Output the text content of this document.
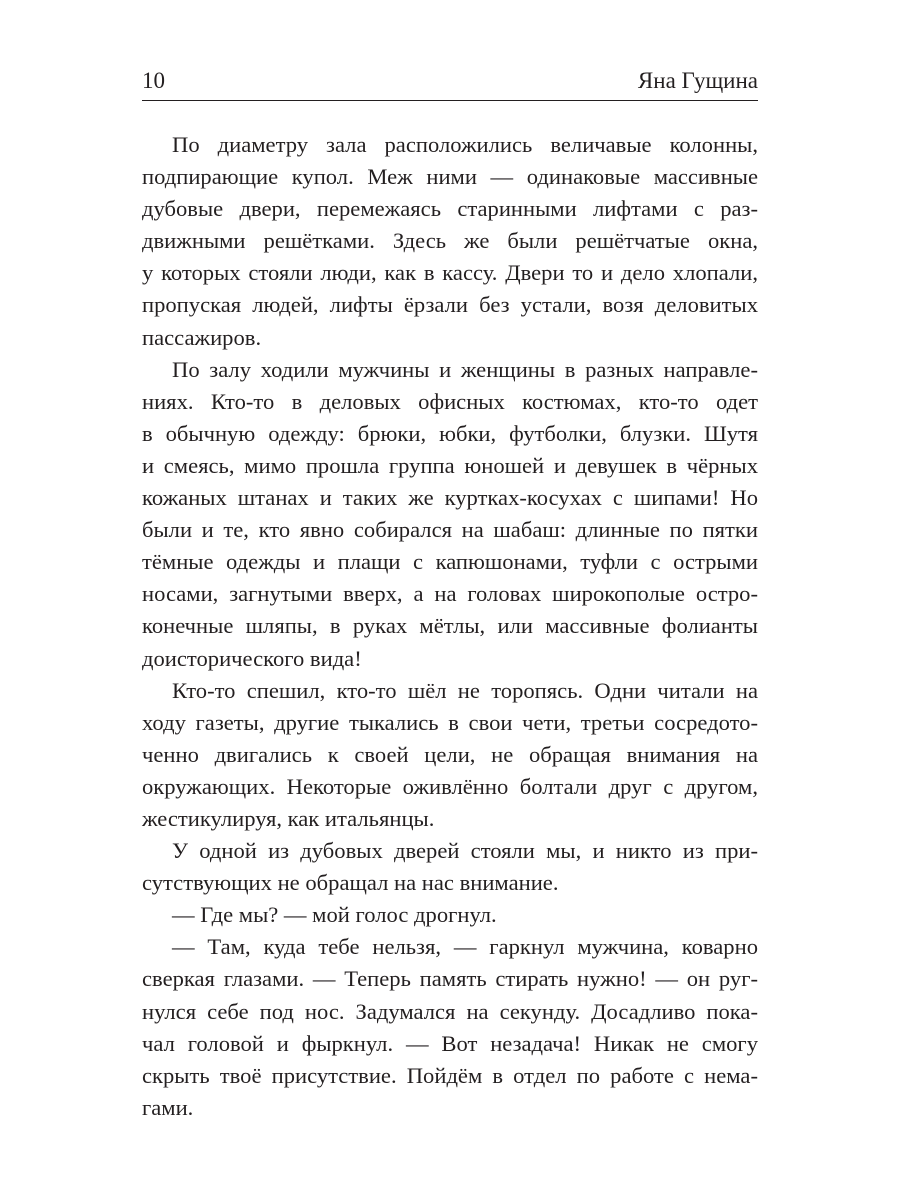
10	Яна Гущина
По диаметру зала расположились величавые колонны,
подпирающие купол. Меж ними — одинаковые массивные
дубовые двери, перемежаясь старинными лифтами с раз-
движными решётками. Здесь же были решётчатые окна,
у которых стояли люди, как в кассу. Двери то и дело хлопали,
пропуская людей, лифты ёрзали без устали, возя деловитых
пассажиров.
По залу ходили мужчины и женщины в разных направле-
ниях. Кто-то в деловых офисных костюмах, кто-то одет
в обычную одежду: брюки, юбки, футболки, блузки. Шутя
и смеясь, мимо прошла группа юношей и девушек в чёрных
кожаных штанах и таких же куртках-косухах с шипами! Но
были и те, кто явно собирался на шабаш: длинные по пятки
тёмные одежды и плащи с капюшонами, туфли с острыми
носами, загнутыми вверх, а на головах широкополые остро-
конечные шляпы, в руках мётлы, или массивные фолианты
доисторического вида!
Кто-то спешил, кто-то шёл не торопясь. Одни читали на
ходу газеты, другие тыкались в свои чети, третьи сосредото-
ченно двигались к своей цели, не обращая внимания на
окружающих. Некоторые оживлённо болтали друг с другом,
жестикулируя, как итальянцы.
У одной из дубовых дверей стояли мы, и никто из при-
сутствующих не обращал на нас внимание.
— Где мы? — мой голос дрогнул.
— Там, куда тебе нельзя, — гаркнул мужчина, коварно
сверкая глазами. — Теперь память стирать нужно! — он руг-
нулся себе под нос. Задумался на секунду. Досадливо пока-
чал головой и фыркнул. — Вот незадача! Никак не смогу
скрыть твоё присутствие. Пойдём в отдел по работе с нема-
гами.
